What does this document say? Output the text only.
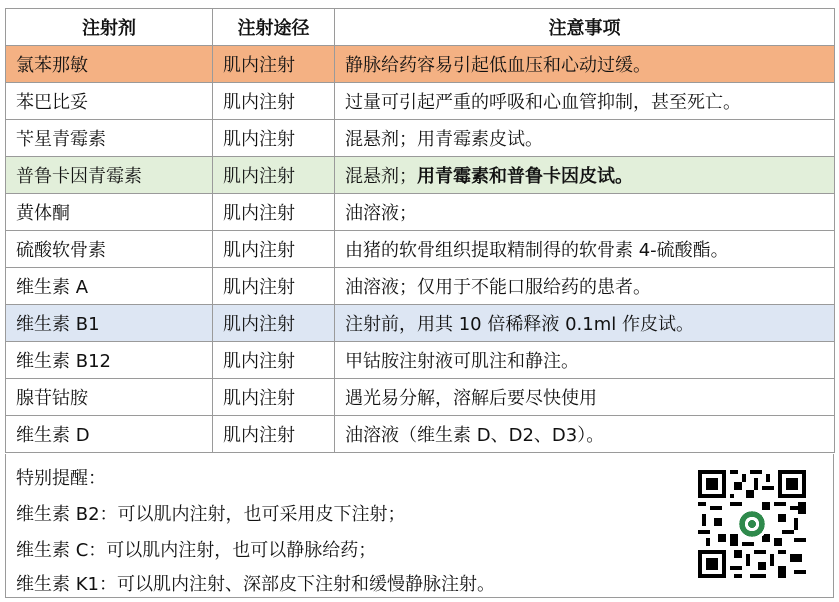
注射剂	注射途径	注意事项
氯苯那敏	肌内注射	静脉给药容易引起低血压和心动过缓。
苯巴比妥	肌内注射	过量可引起严重的呼吸和心血管抑制，甚至死亡。
苄星青霉素	肌内注射	混悬剂；用青霉素皮试。
普鲁卡因青霉素	肌内注射	混悬剂；用青霉素和普鲁卡因皮试。
黄体酮	肌内注射	油溶液；
硫酸软骨素	肌内注射	由猪的软骨组织提取精制得的软骨素 4-硫酸酯。
维生素 A	肌内注射	油溶液；仅用于不能口服给药的患者。
维生素 B1	肌内注射	注射前，用其 10 倍稀释液 0.1ml 作皮试。
维生素 B12	肌内注射	甲钴胺注射液可肌注和静注。
腺苷钴胺	肌内注射	遇光易分解，溶解后要尽快使用
维生素 D	肌内注射	油溶液（维生素 D、D2、D3）。
特别提醒：
维生素 B2：可以肌内注射，也可采用皮下注射；
维生素 C：可以肌内注射，也可以静脉给药；
维生素 K1：可以肌内注射、深部皮下注射和缓慢静脉注射。
